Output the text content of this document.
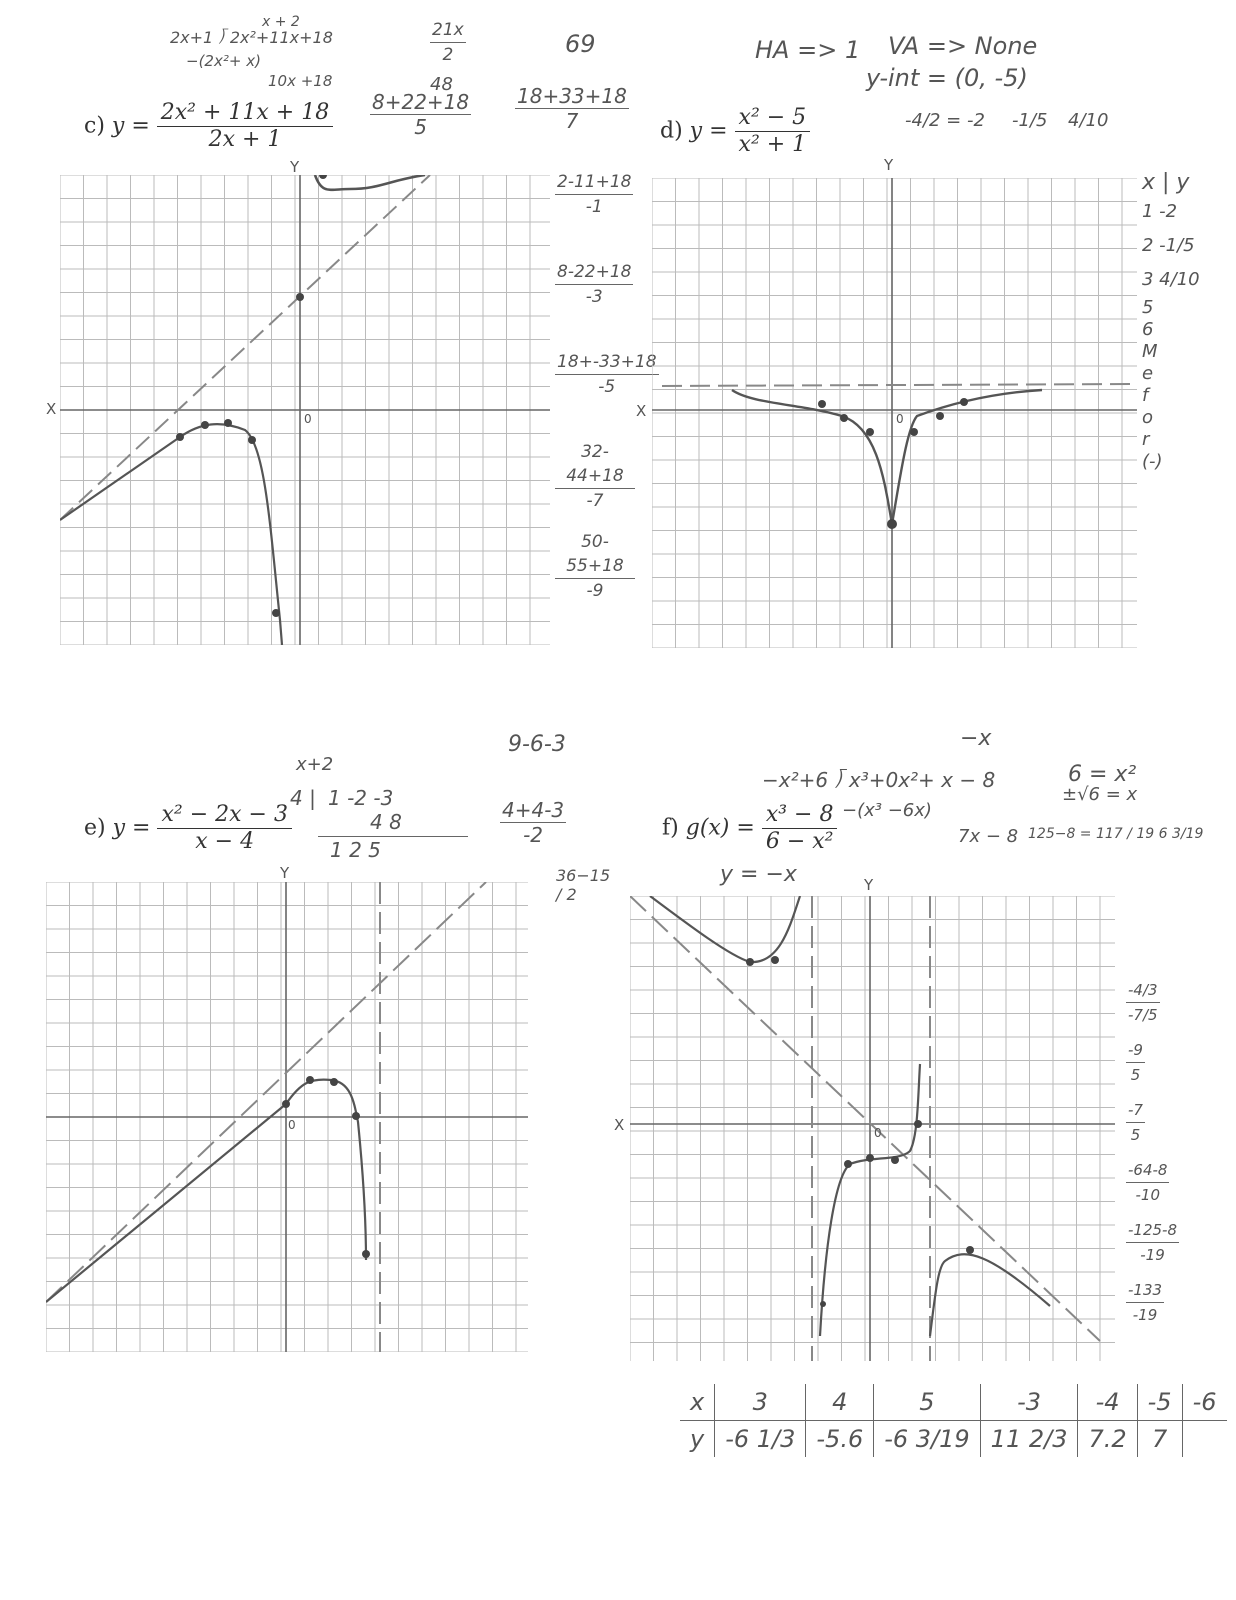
x + 2
2x+1 ⟌ 2x²+11x+18
−(2x²+ x)
10x +18
$\frac{21x}{2}$	69
48
$\frac{8+22+18}{5} \frac{18+33+18}{7}$
c) $y = \frac{\text{2x² + 11x + 18}}{2x + 1}$
X
Y
0
$\frac{2-11+18}{-1}$
$\frac{8-22+18}{-3}$
$\frac{18+-33+18}{-5}$
$\frac{32-44+18}{-7}$
$\frac{50-55+18}{-9}$
HA => 1 VA => None
y-int = (0, -5)
-4/2 = -2 -1/5 4/10
d) $y = \frac{\text{x² − 5}}{\text{x² + 1}}$
X
Y
0
x | y
1 -2
2 -1/5
3 4/10
5
6
M
e
f
o
r
(-)
9-6-3
x+2
4 | 1 -2 -3
4 8
1 2 5
$\frac{4+4-3}{-2}$
e) $y = \frac{\text{x² − 2x − 3}}{x - 4}$
Y
0
−x
−x²+6 ⟌ x³+0x²+ x − 8
−(x³ −6x)
7x − 8
6 = x²
±√6 = x
125−8 = 117 / 19 6 3/19
f) $g(x) = \frac{\text{x³ − 8}}{\text{6 − x²}}$
y = −x
36−15 / 2
X
Y
0
$\frac{-4/3}{-7/5}$
$\frac{-9}{5}$
$\frac{-7}{5}$
$\frac{-64-8}{-10}$
$\frac{-125-8}{-19}$
$\frac{-133}{-19}$
x	3	4	5	-3	-4	-5	-6
y	-6 1/3	-5.6	-6 3/19	11 2/3	7.2	7	
